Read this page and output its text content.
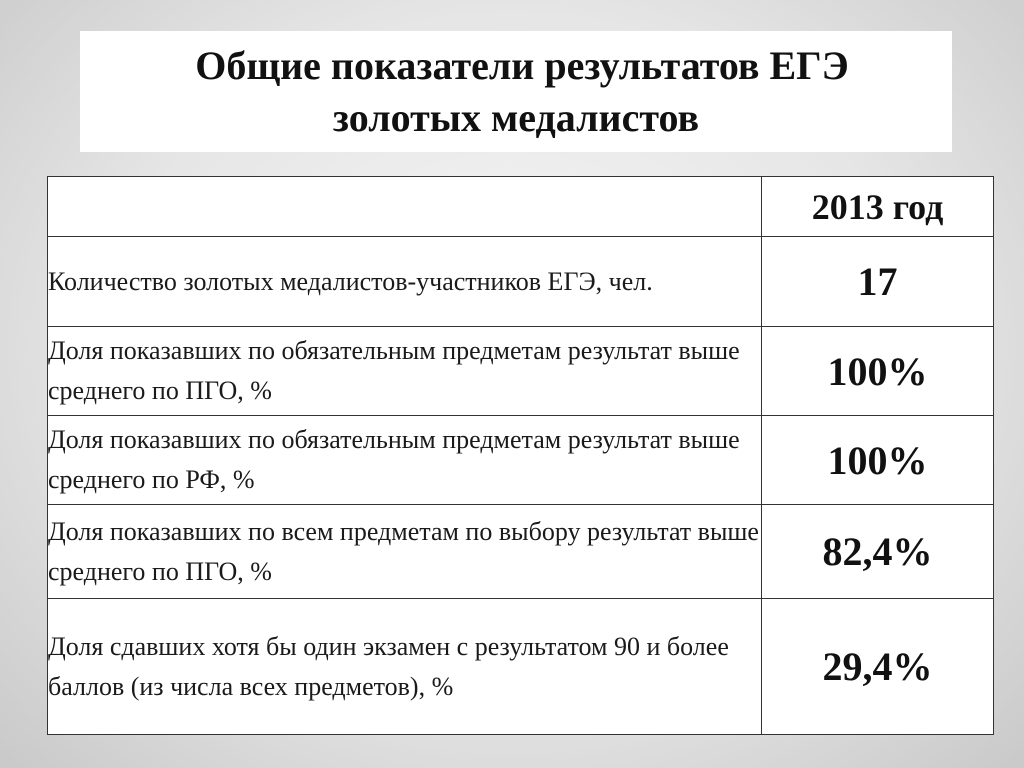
Общие показатели результатов ЕГЭ
золотых медалистов
	2013 год
Количество золотых медалистов-участников ЕГЭ, чел.	17
Доля показавших по обязательным предметам результат выше среднего по ПГО, %	100%
Доля показавших по обязательным предметам результат выше среднего по РФ, %	100%
Доля показавших по всем предметам по выбору результат выше среднего по ПГО, %	82,4%
Доля сдавших хотя бы один экзамен с результатом 90 и более баллов (из числа всех предметов), %	29,4%
